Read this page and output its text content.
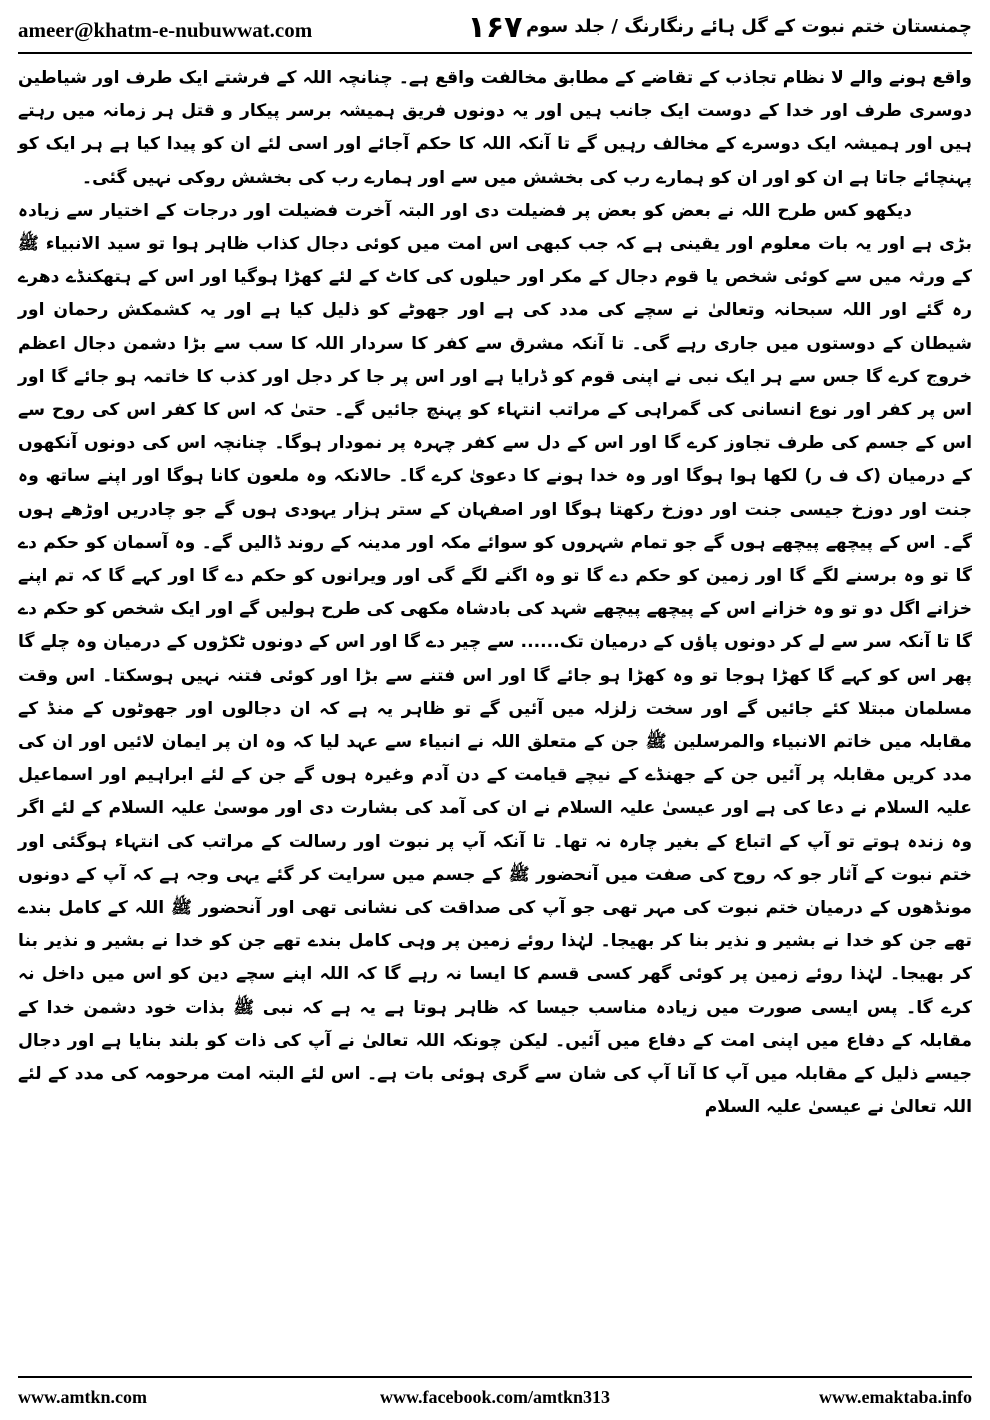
ameer@khatm-e-nubuwwat.com	۱۶۷ چمنستان ختم نبوت کے گل ہائے رنگارنگ / جلد سوم

واقع ہونے والے لا نظام تجاذب کے تقاضے کے مطابق مخالفت واقع ہے۔ چنانچہ اللہ کے فرشتے ایک طرف اور شیاطین دوسری طرف اور خدا کے دوست ایک جانب ہیں اور یہ دونوں فریق ہمیشہ برسر پیکار و قتل ہر زمانہ میں رہتے ہیں اور ہمیشہ ایک دوسرے کے مخالف رہیں گے تا آنکہ اللہ کا حکم آجائے اور اسی لئے ان کو پیدا کیا ہے ہر ایک کو پہنچائے جاتا ہے ان کو اور ان کو ہمارے رب کی بخشش میں سے اور ہمارے رب کی بخشش روکی نہیں گئی۔

دیکھو کس طرح اللہ نے بعض کو بعض پر فضیلت دی اور البتہ آخرت فضیلت اور درجات کے اختیار سے زیادہ بڑی ہے اور یہ بات معلوم اور یقینی ہے کہ جب کبھی اس امت میں کوئی دجال کذاب ظاہر ہوا تو سید الانبیاء ﷺ کے ورثہ میں سے کوئی شخص یا قوم دجال کے مکر اور حیلوں کی کاٹ کے لئے کھڑا ہوگیا اور اس کے ہتھکنڈے دھرے رہ گئے اور اللہ سبحانہ وتعالیٰ نے سچے کی مدد کی ہے اور جھوٹے کو ذلیل کیا ہے اور یہ کشمکش رحمان اور شیطان کے دوستوں میں جاری رہے گی۔ تا آنکہ مشرق سے کفر کا سردار اللہ کا سب سے بڑا دشمن دجال اعظم خروج کرے گا جس سے ہر ایک نبی نے اپنی قوم کو ڈرایا ہے اور اس پر جا کر دجل اور کذب کا خاتمہ ہو جائے گا اور اس پر کفر اور نوع انسانی کی گمراہی کے مراتب انتہاء کو پہنچ جائیں گے۔ حتیٰ کہ اس کا کفر اس کی روح سے اس کے جسم کی طرف تجاوز کرے گا اور اس کے دل سے کفر چہرہ پر نمودار ہوگا۔ چنانچہ اس کی دونوں آنکھوں کے درمیان (ک ف ر) لکھا ہوا ہوگا اور وہ خدا ہونے کا دعویٰ کرے گا۔ حالانکہ وہ ملعون کانا ہوگا اور اپنے ساتھ وہ جنت اور دوزخ جیسی جنت اور دوزخ رکھتا ہوگا اور اصفہان کے ستر ہزار یہودی ہوں گے جو چادریں اوڑھے ہوں گے۔ اس کے پیچھے پیچھے ہوں گے جو تمام شہروں کو سوائے مکہ اور مدینہ کے روند ڈالیں گے۔ وہ آسمان کو حکم دے گا تو وہ برسنے لگے گا اور زمین کو حکم دے گا تو وہ اگنے لگے گی اور ویرانوں کو حکم دے گا اور کہے گا کہ تم اپنے خزانے اگل دو تو وہ خزانے اس کے پیچھے پیچھے شہد کی بادشاہ مکھی کی طرح ہولیں گے اور ایک شخص کو حکم دے گا تا آنکہ سر سے لے کر دونوں پاؤں کے درمیان تک...... سے چیر دے گا اور اس کے دونوں ٹکڑوں کے درمیان وہ چلے گا پھر اس کو کہے گا کھڑا ہوجا تو وہ کھڑا ہو جائے گا اور اس فتنے سے بڑا اور کوئی فتنہ نہیں ہوسکتا۔ اس وقت مسلمان مبتلا کئے جائیں گے اور سخت زلزلہ میں آئیں گے تو ظاہر یہ ہے کہ ان دجالوں اور جھوٹوں کے منڈ کے مقابلہ میں خاتم الانبیاء والمرسلین ﷺ جن کے متعلق اللہ نے انبیاء سے عہد لیا کہ وہ ان پر ایمان لائیں اور ان کی مدد کریں مقابلہ پر آئیں جن کے جھنڈے کے نیچے قیامت کے دن آدم وغیرہ ہوں گے جن کے لئے ابراہیم اور اسماعیل علیہ السلام نے دعا کی ہے اور عیسیٰ علیہ السلام نے ان کی آمد کی بشارت دی اور موسیٰ علیہ السلام کے لئے اگر وہ زندہ ہوتے تو آپ کے اتباع کے بغیر چارہ نہ تھا۔ تا آنکہ آپ پر نبوت اور رسالت کے مراتب کی انتہاء ہوگئی اور ختم نبوت کے آثار جو کہ روح کی صفت میں آنحضور ﷺ کے جسم میں سرایت کر گئے یہی وجہ ہے کہ آپ کے دونوں مونڈھوں کے درمیان ختم نبوت کی مہر تھی جو آپ کی صداقت کی نشانی تھی اور آنحضور ﷺ اللہ کے کامل بندے تھے جن کو خدا نے بشیر و نذیر بنا کر بھیجا۔ لہٰذا روئے زمین پر وہی کامل بندے تھے جن کو خدا نے بشیر و نذیر بنا کر بھیجا۔ لہٰذا روئے زمین پر کوئی گھر کسی قسم کا ایسا نہ رہے گا کہ اللہ اپنے سچے دین کو اس میں داخل نہ کرے گا۔ پس ایسی صورت میں زیادہ مناسب جیسا کہ ظاہر ہوتا ہے یہ ہے کہ نبی ﷺ بذات خود دشمن خدا کے مقابلہ کے دفاع میں اپنی امت کے دفاع میں آئیں۔ لیکن چونکہ اللہ تعالیٰ نے آپ کی ذات کو بلند بنایا ہے اور دجال جیسے ذلیل کے مقابلہ میں آپ کا آنا آپ کی شان سے گری ہوئی بات ہے۔ اس لئے البتہ امت مرحومہ کی مدد کے لئے اللہ تعالیٰ نے عیسیٰ علیہ السلام

www.amtkn.com	www.facebook.com/amtkn313	www.emaktaba.info
